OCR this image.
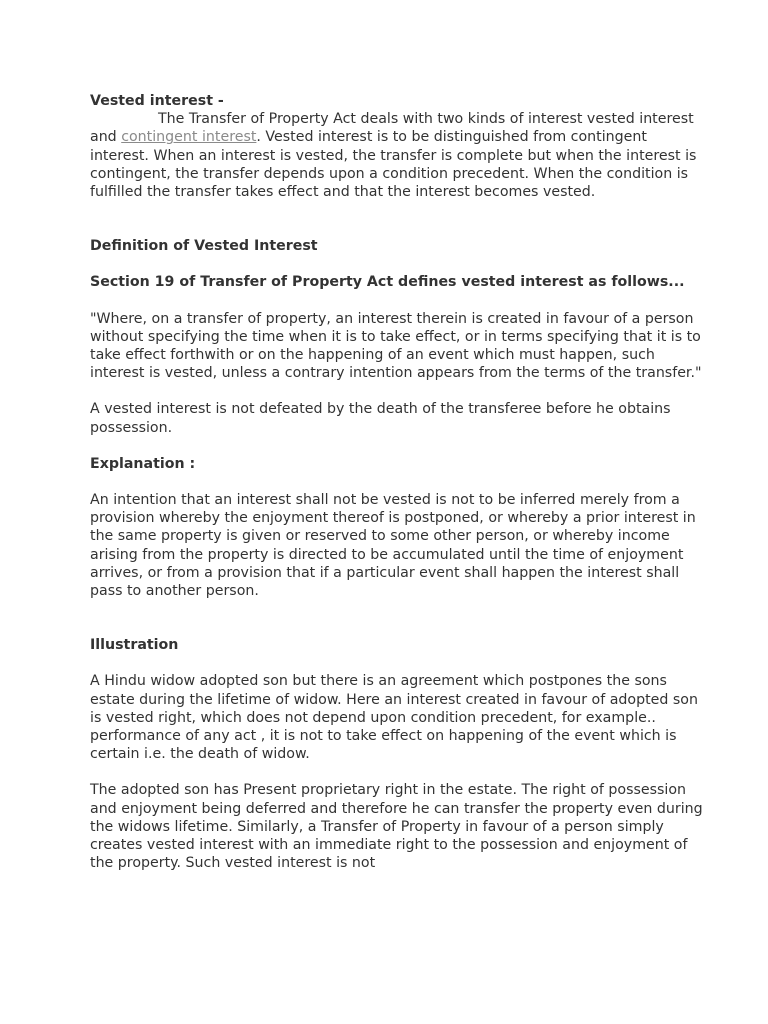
Vested interest -

The Transfer of Property Act deals with two kinds of interest vested interest and contingent interest. Vested interest is to be distinguished from contingent interest. When an interest is vested, the transfer is complete but when the interest is contingent, the transfer depends upon a condition precedent. When the condition is fulfilled the transfer takes effect and that the interest becomes vested.

Definition of Vested Interest

Section 19 of Transfer of Property Act defines vested interest as follows...

"Where, on a transfer of property, an interest therein is created in favour of a person without specifying the time when it is to take effect, or in terms specifying that it is to take effect forthwith or on the happening of an event which must happen, such interest is vested, unless a contrary intention appears from the terms of the transfer."

A vested interest is not defeated by the death of the transferee before he obtains possession.

Explanation :

An intention that an interest shall not be vested is not to be inferred merely from a provision whereby the enjoyment thereof is postponed, or whereby a prior interest in the same property is given or reserved to some other person, or whereby income arising from the property is directed to be accumulated until the time of enjoyment arrives, or from a provision that if a particular event shall happen the interest shall pass to another person.

Illustration

A Hindu widow adopted son but there is an agreement which postpones the sons estate during the lifetime of widow. Here an interest created in favour of adopted son is vested right, which does not depend upon condition precedent, for example.. performance of any act , it is not to take effect on happening of the event which is certain i.e. the death of widow.

The adopted son has Present proprietary right in the estate. The right of possession and enjoyment being deferred and therefore he can transfer the property even during the widows lifetime. Similarly, a Transfer of Property in favour of a person simply creates vested interest with an immediate right to the possession and enjoyment of the property. Such vested interest is not
